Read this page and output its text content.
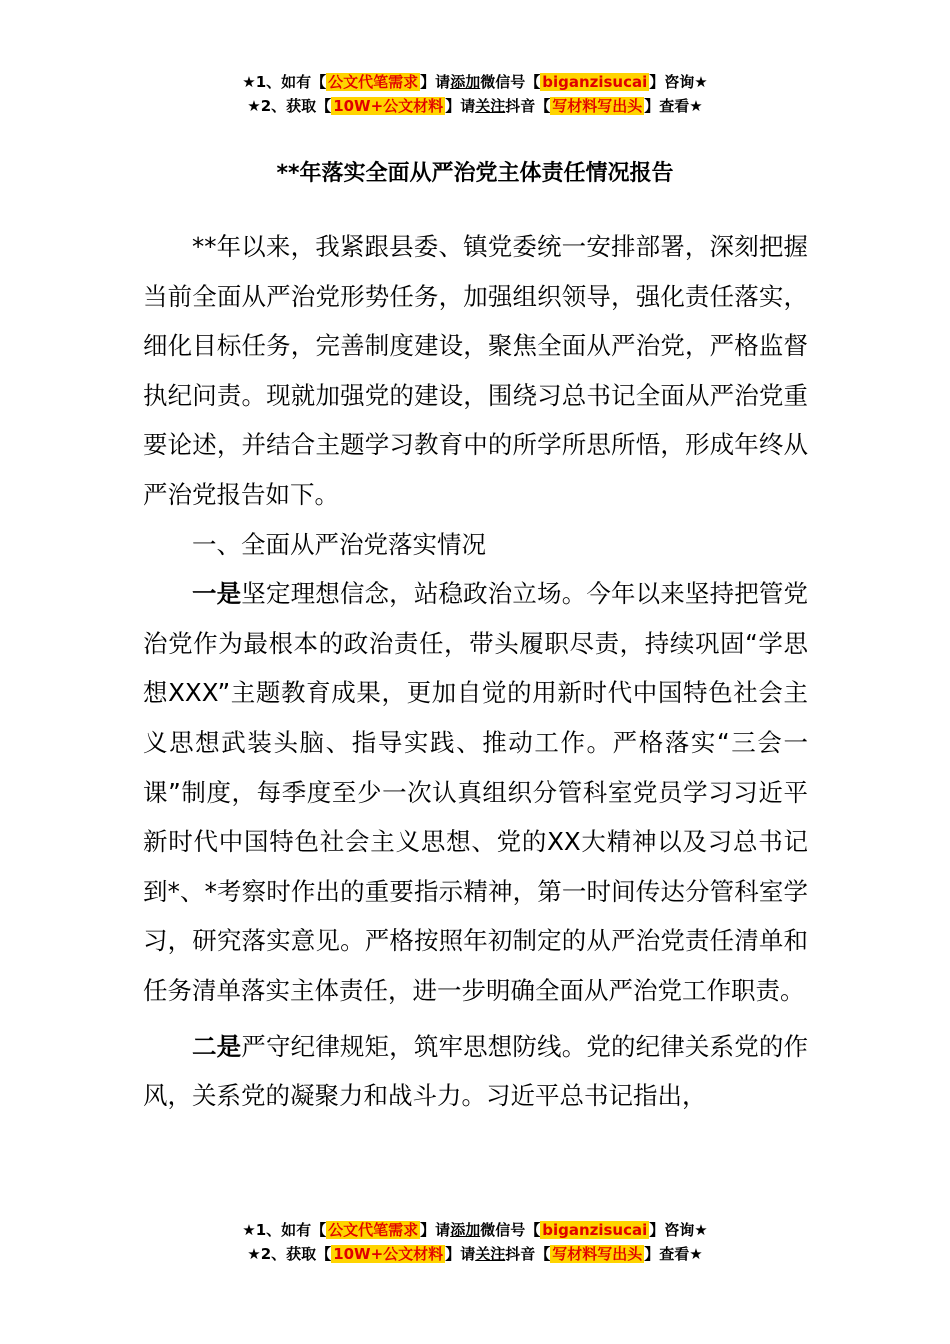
★1、如有【 公文代笔需求 】请添加微信号【 biganzisucai 】咨询★
★2、获取【 10W+公文材料 】请关注抖音【 写材料写出头 】查看★
**年落实全面从严治党主体责任情况报告

**年以来，我紧跟县委、镇党委统一安排部署，深刻把握当前全面从严治党形势任务，加强组织领导，强化责任落实，细化目标任务，完善制度建设，聚焦全面从严治党，严格监督执纪问责。现就加强党的建设，围绕习总书记全面从严治党重要论述，并结合主题学习教育中的所学所思所悟，形成年终从严治党报告如下。

一、全面从严治党落实情况

一是坚定理想信念，站稳政治立场。今年以来坚持把管党治党作为最根本的政治责任，带头履职尽责，持续巩固“学思想XXX”主题教育成果，更加自觉的用新时代中国特色社会主义思想武装头脑、指导实践、推动工作。严格落实“三会一课”制度，每季度至少一次认真组织分管科室党员学习习近平新时代中国特色社会主义思想、党的XX大精神以及习总书记到*、*考察时作出的重要指示精神，第一时间传达分管科室学习，研究落实意见。严格按照年初制定的从严治党责任清单和任务清单落实主体责任，进一步明确全面从严治党工作职责。

二是严守纪律规矩，筑牢思想防线。党的纪律关系党的作风，关系党的凝聚力和战斗力。习近平总书记指出，

★1、如有【 公文代笔需求 】请添加微信号【 biganzisucai 】咨询★
★2、获取【 10W+公文材料 】请关注抖音【 写材料写出头 】查看★
